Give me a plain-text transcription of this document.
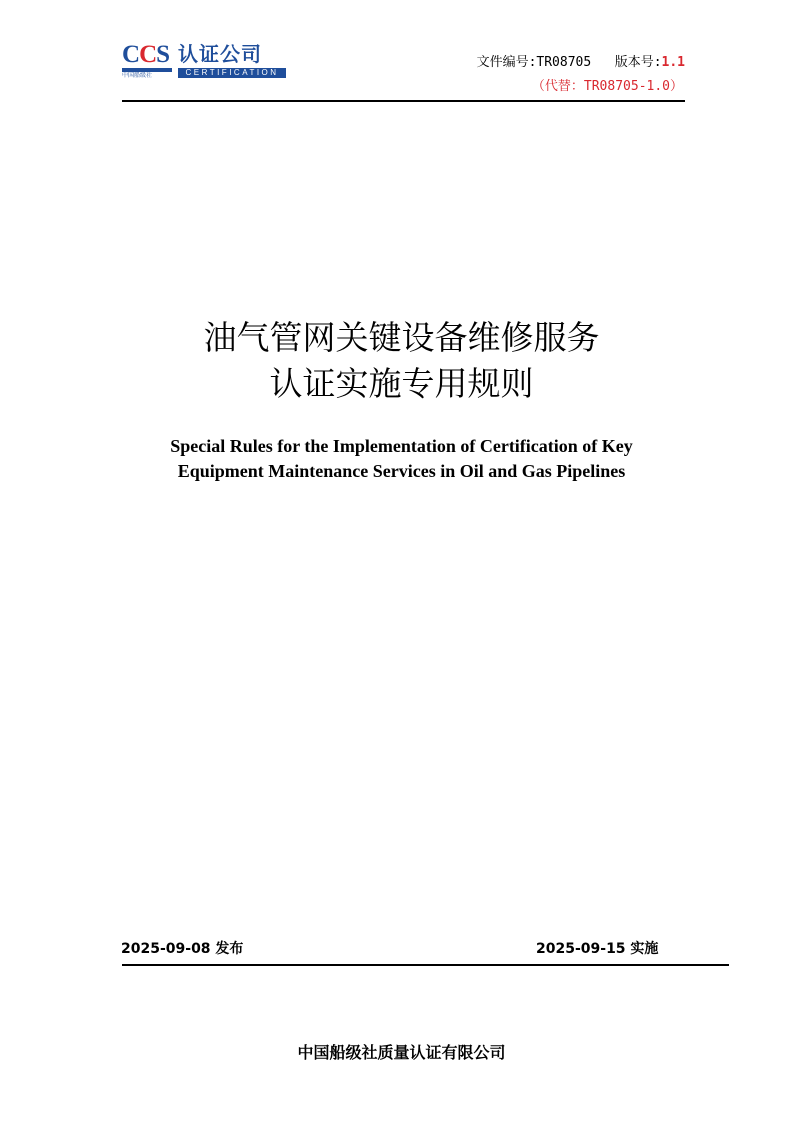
CCS 认证公司
中国船级社	CERTIFICATION
文件编号:TR08705 版本号:1.1
（代替：TR08705-1.0）
油气管网关键设备维修服务
认证实施专用规则
Special Rules for the Implementation of Certification of Key
Equipment Maintenance Services in Oil and Gas Pipelines
2025-09-08 发布	2025-09-15 实施
中国船级社质量认证有限公司
